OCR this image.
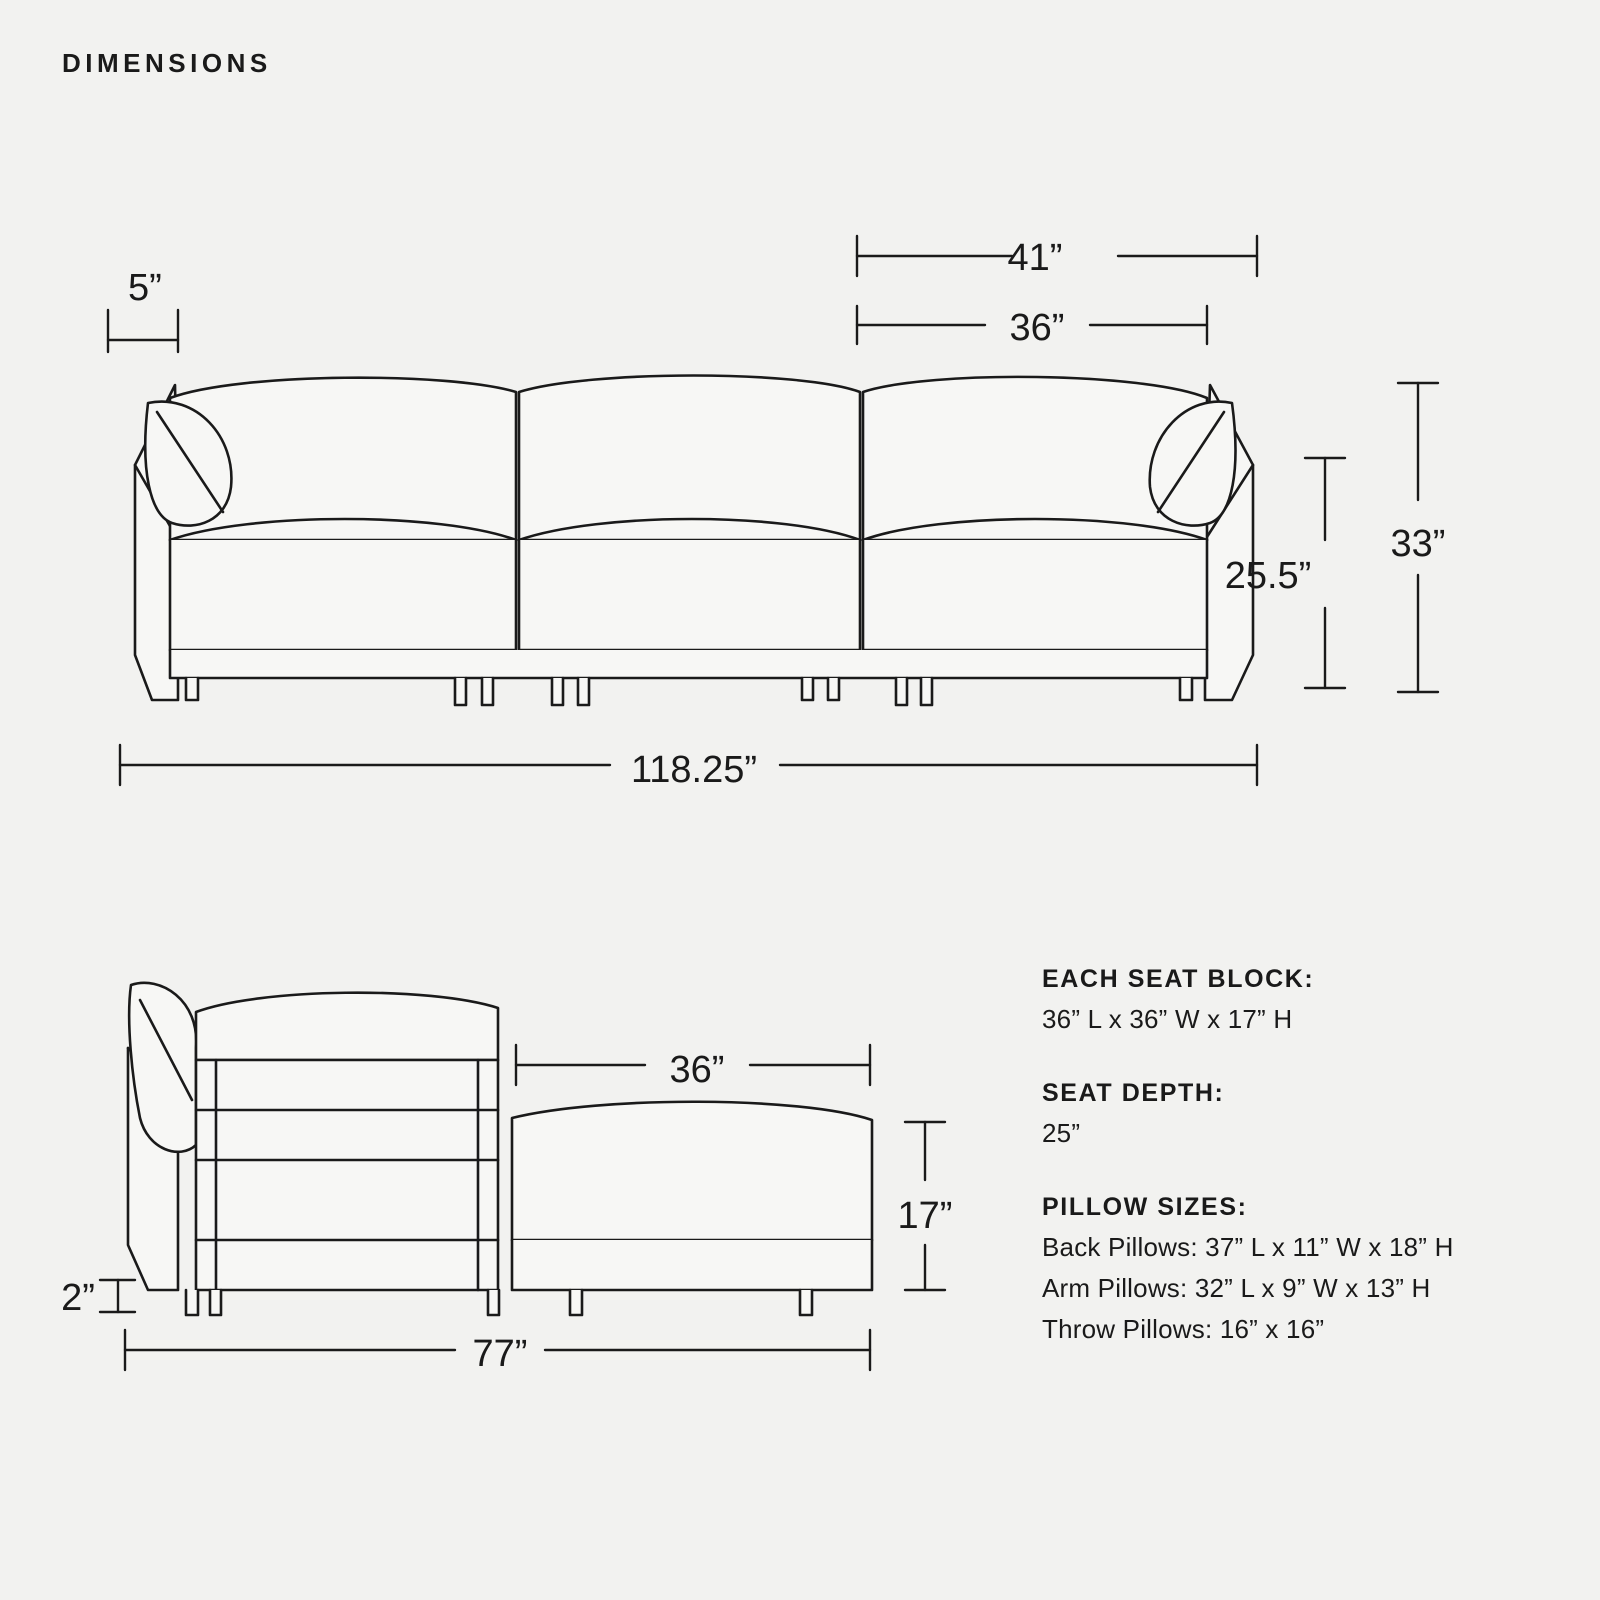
DIMENSIONS
5”
41”
36”
25.5”
33”
118.25”
36”
17”
2”
77”

EACH SEAT BLOCK:

36” L x 36” W x 17” H

SEAT DEPTH:

25”

PILLOW SIZES:

Back Pillows: 37” L x 11” W x 18” H

Arm Pillows: 32” L x 9” W x 13” H

Throw Pillows: 16” x 16”
